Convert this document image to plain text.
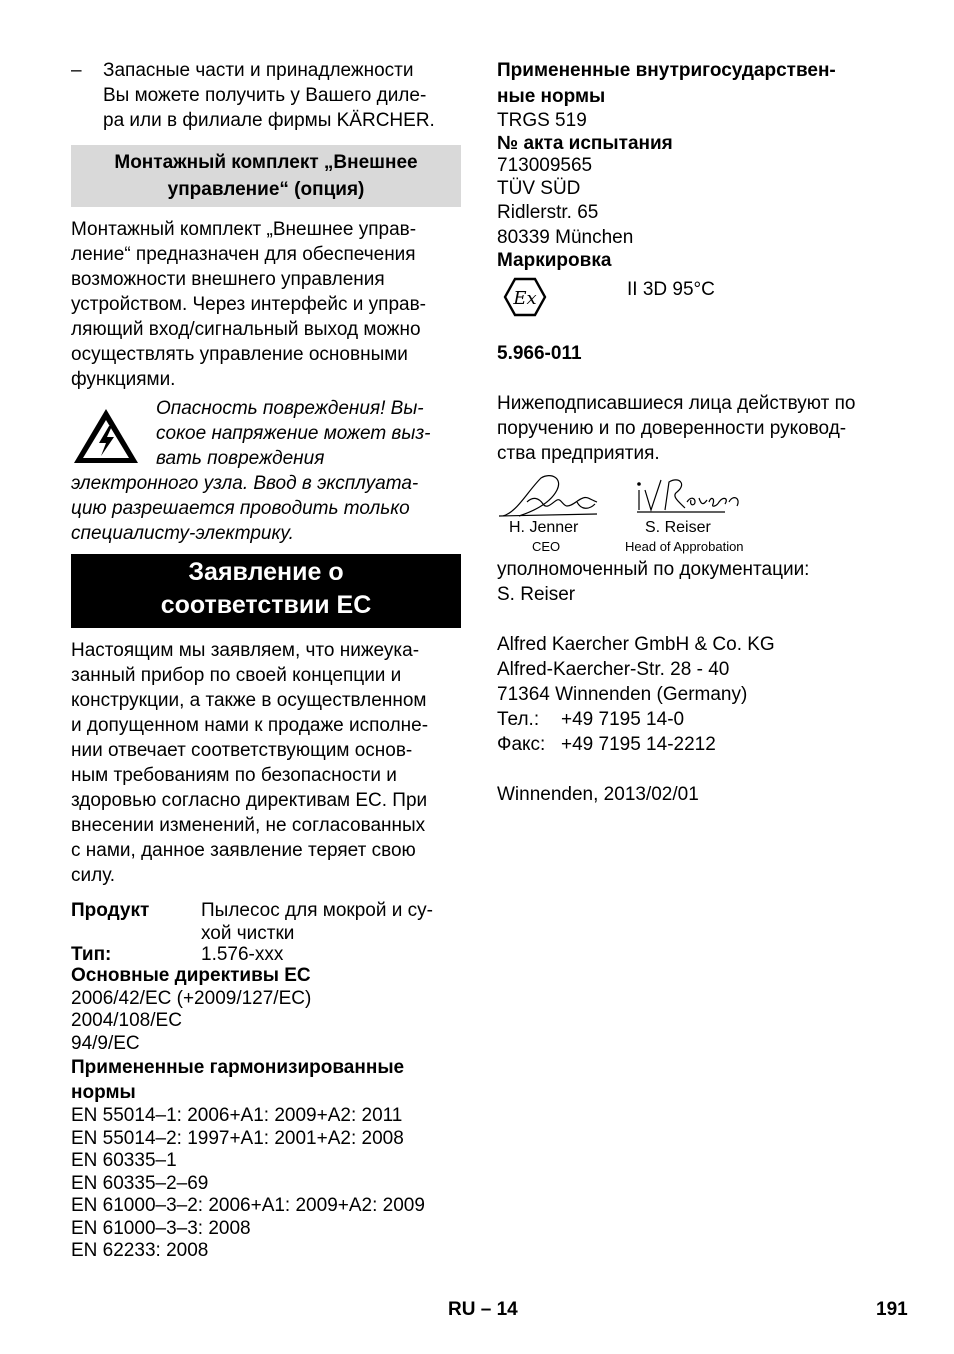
– Запасные части и принадлежности

Вы можете получить у Вашего диле-

ра или в филиале фирмы KÄRCHER.

Монтажный комплект „Внешнее
управление“ (опция)

Монтажный комплект „Внешнее управ-

ление“ предназначен для обеспечения

возможности внешнего управления

устройством. Через интерфейс и управ-

ляющий вход/сигнальный выход можно

осуществлять управление основными

функциями.

Опасность повреждения! Вы-

сокое напряжение может выз-

вать повреждения

электронного узла. Ввод в эксплуата-

цию разрешается проводить только

специалисту-электрику.

Заявление о
соответствии ЕС

Настоящим мы заявляем, что нижеука-

занный прибор по своей концепции и

конструкции, а также в осуществленном

и допущенном нами к продаже исполне-

нии отвечает соответствующим основ-

ным требованиям по безопасности и

здоровью согласно директивам ЕС. При

внесении изменений, не согласованных

с нами, данное заявление теряет свою

силу.

Продукт	Пылесос для мокрой и су-

хой чистки

Тип:	1.576-xxx

Основные директивы ЕС

2006/42/EC (+2009/127/EC)

2004/108/EC

94/9/EC

Примененные гармонизированные

нормы

EN 55014–1: 2006+A1: 2009+A2: 2011

EN 55014–2: 1997+A1: 2001+A2: 2008

EN 60335–1

EN 60335–2–69

EN 61000–3–2: 2006+A1: 2009+A2: 2009

EN 61000–3–3: 2008

EN 62233: 2008

Примененные внутригосударствен-

ные нормы

TRGS 519

№ акта испытания

713009565

TÜV SÜD

Ridlerstr. 65

80339 München

Маркировка

Ex	II 3D 95°C

5.966-011

Нижеподписавшиеся лица действуют по

поручению и по доверенности руковод-

ства предприятия.

H. Jenner
CEO
S. Reiser
Head of Approbation

уполномоченный по документации:

S. Reiser

Alfred Kaercher GmbH & Co. KG

Alfred-Kaercher-Str. 28 - 40

71364 Winnenden (Germany)

Тел.: +49 7195 14-0

Факс: +49 7195 14-2212

Winnenden, 2013/02/01

RU – 14	191
